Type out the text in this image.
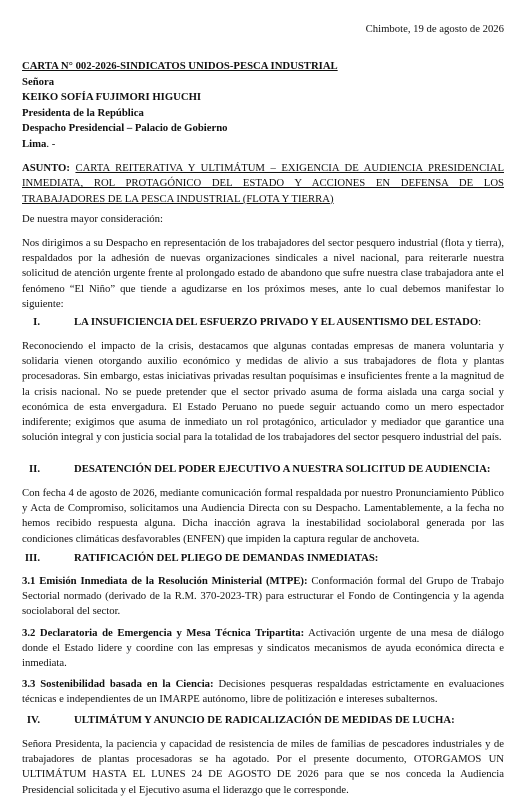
Chimbote, 19 de agosto de 2026
CARTA N° 002-2026-SINDICATOS UNIDOS-PESCA INDUSTRIAL
Señora
KEIKO SOFÍA FUJIMORI HIGUCHI
Presidenta de la República
Despacho Presidencial – Palacio de Gobierno
Lima. -
ASUNTO: CARTA REITERATIVA Y ULTIMÁTUM – EXIGENCIA DE AUDIENCIA PRESIDENCIAL INMEDIATA, ROL PROTAGÓNICO DEL ESTADO Y ACCIONES EN DEFENSA DE LOS TRABAJADORES DE LA PESCA INDUSTRIAL (FLOTA Y TIERRA)
De nuestra mayor consideración:
Nos dirigimos a su Despacho en representación de los trabajadores del sector pesquero industrial (flota y tierra), respaldados por la adhesión de nuevas organizaciones sindicales a nivel nacional, para reiterarle nuestra solicitud de atención urgente frente al prolongado estado de abandono que sufre nuestra clase trabajadora ante el fenómeno “El Niño” que tiende a agudizarse en los próximos meses, ante lo cual debemos manifestar lo siguiente:
I.	LA INSUFICIENCIA DEL ESFUERZO PRIVADO Y EL AUSENTISMO DEL ESTADO:
Reconociendo el impacto de la crisis, destacamos que algunas contadas empresas de manera voluntaria y solidaria vienen otorgando auxilio económico y medidas de alivio a sus trabajadores de flota y plantas procesadoras. Sin embargo, estas iniciativas privadas resultan poquísimas e insuficientes frente a la magnitud de la crisis nacional. No se puede pretender que el sector privado asuma de forma aislada una carga social y económica de esta envergadura. El Estado Peruano no puede seguir actuando como un mero espectador indiferente; exigimos que asuma de inmediato un rol protagónico, articulador y mediador que garantice una solución integral y con justicia social para la totalidad de los trabajadores del sector pesquero industrial del país.
II.	DESATENCIÓN DEL PODER EJECUTIVO A NUESTRA SOLICITUD DE AUDIENCIA:
Con fecha 4 de agosto de 2026, mediante comunicación formal respaldada por nuestro Pronunciamiento Público y Acta de Compromiso, solicitamos una Audiencia Directa con su Despacho. Lamentablemente, a la fecha no hemos recibido respuesta alguna. Dicha inacción agrava la inestabilidad sociolaboral generada por las condiciones climáticas desfavorables (ENFEN) que impiden la captura regular de anchoveta.
III.	RATIFICACIÓN DEL PLIEGO DE DEMANDAS INMEDIATAS:
3.1 Emisión Inmediata de la Resolución Ministerial (MTPE): Conformación formal del Grupo de Trabajo Sectorial normado (derivado de la R.M. 370-2023-TR) para estructurar el Fondo de Contingencia y la agenda sociolaboral del sector.
3.2 Declaratoria de Emergencia y Mesa Técnica Tripartita: Activación urgente de una mesa de diálogo donde el Estado lidere y coordine con las empresas y sindicatos mecanismos de ayuda económica directa e inmediata.
3.3 Sostenibilidad basada en la Ciencia: Decisiones pesqueras respaldadas estrictamente en evaluaciones técnicas e independientes de un IMARPE autónomo, libre de politización e intereses subalternos.
IV.	ULTIMÁTUM Y ANUNCIO DE RADICALIZACIÓN DE MEDIDAS DE LUCHA:
Señora Presidenta, la paciencia y capacidad de resistencia de miles de familias de pescadores industriales y de trabajadores de plantas procesadoras se ha agotado. Por el presente documento, OTORGAMOS UN ULTIMÁTUM HASTA EL LUNES 24 DE AGOSTO DE 2026 para que se nos conceda la Audiencia Presidencial solicitada y el Ejecutivo asuma el liderazgo que le corresponde.
